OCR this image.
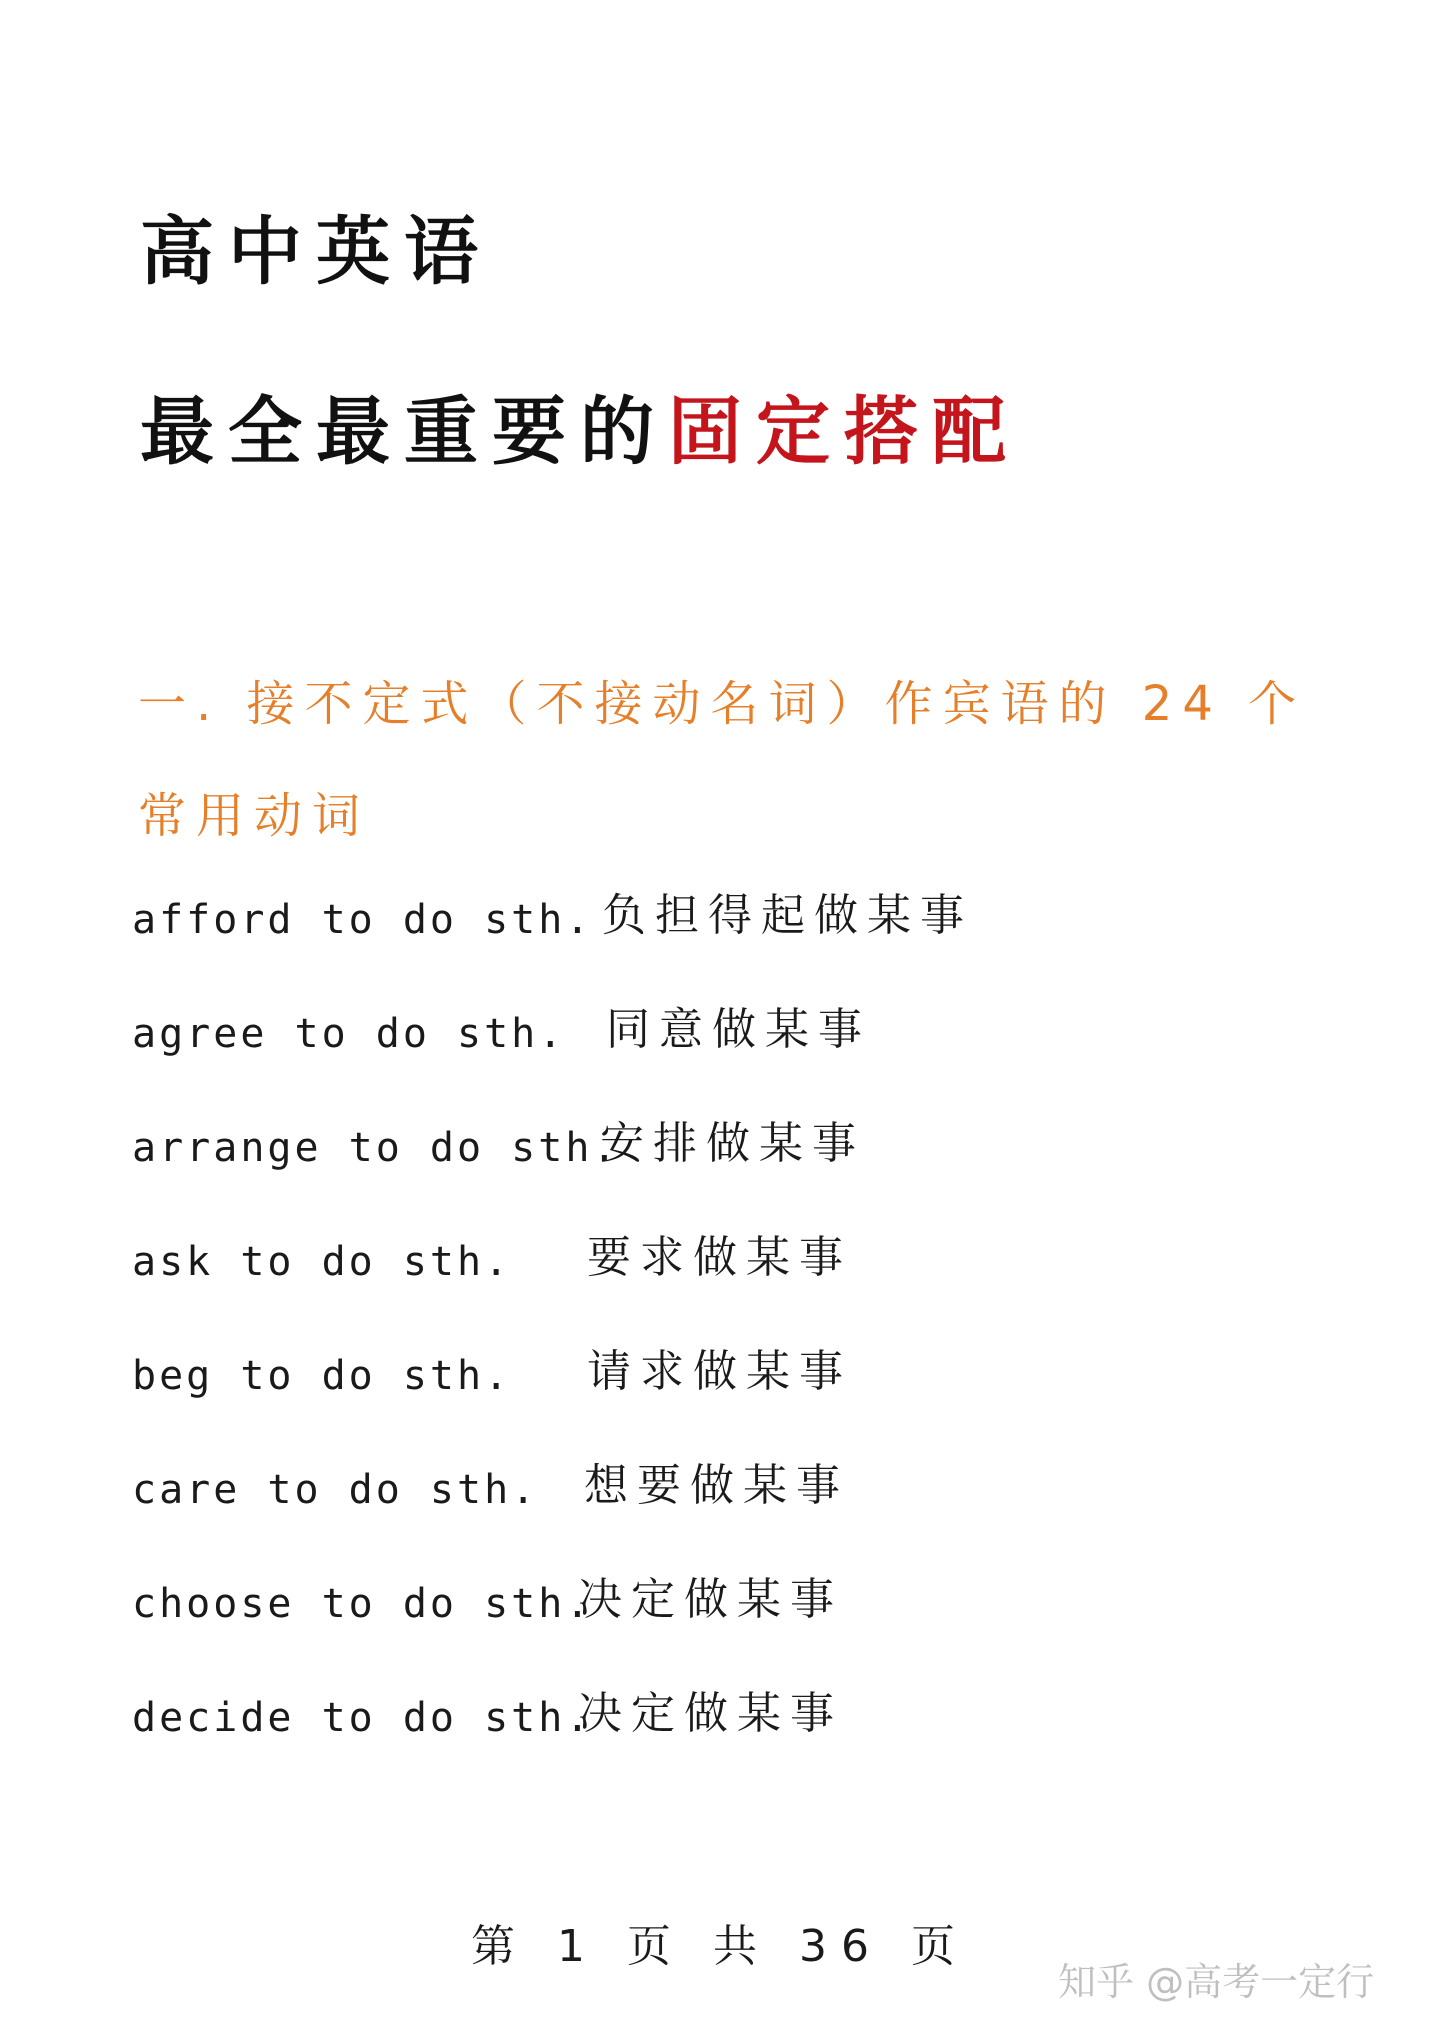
高中英语
最全最重要的固定搭配
一. 接不定式（不接动名词）作宾语的 24 个
常用动词
afford to do sth. 负担得起做某事
agree to do sth. 同意做某事
arrange to do sth.
安排做某事
ask to do sth. 要求做某事
beg to do sth. 请求做某事
care to do sth. 想要做某事
choose to do sth.
决定做某事
decide to do sth.
决定做某事
第 1 页 共 36 页
知乎 @高考一定行
